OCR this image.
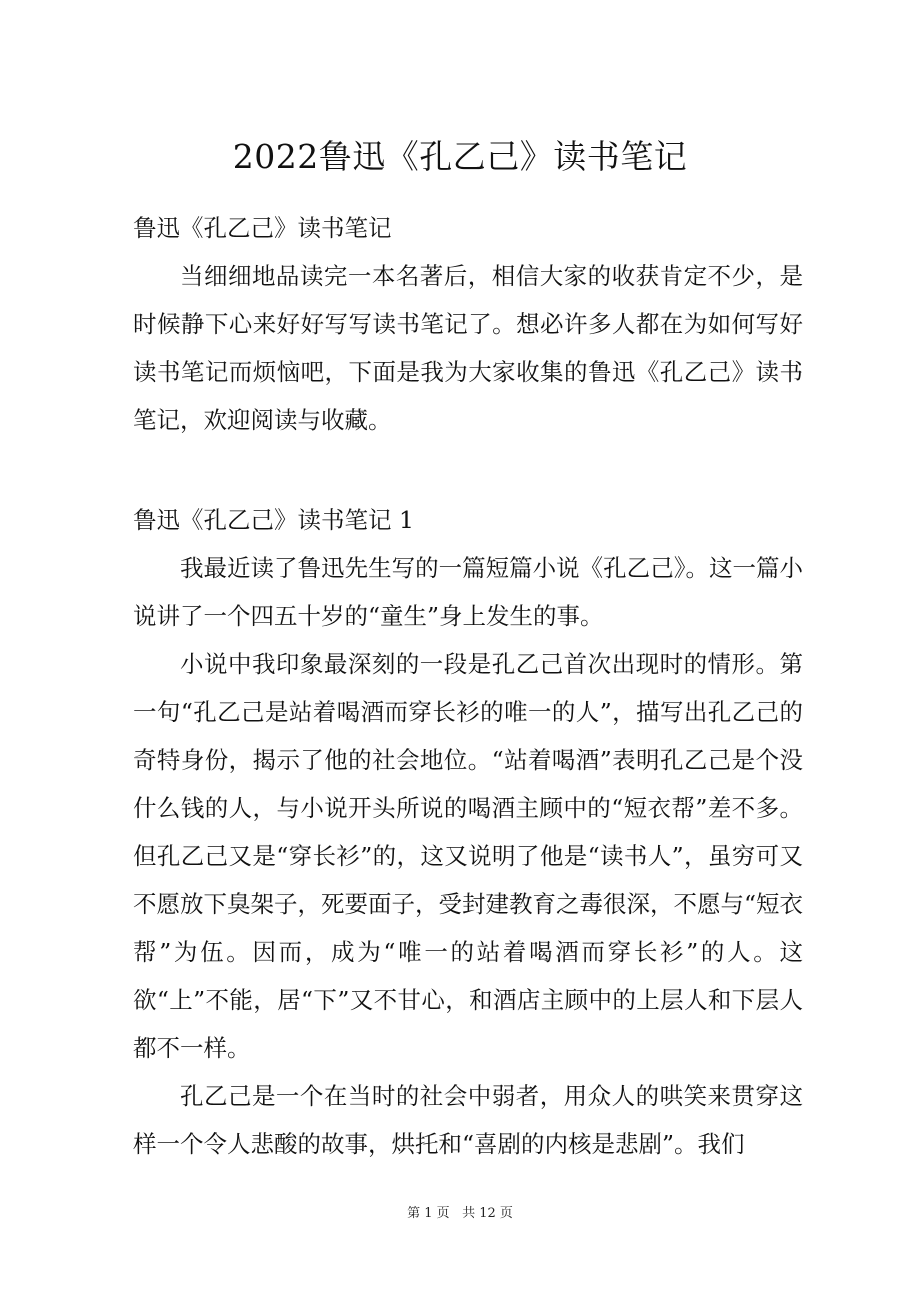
2022鲁迅《孔乙己》读书笔记

鲁迅《孔乙己》读书笔记

当细细地品读完一本名著后，相信大家的收获肯定不少，是时候静下心来好好写写读书笔记了。想必许多人都在为如何写好读书笔记而烦恼吧，下面是我为大家收集的鲁迅《孔乙己》读书笔记，欢迎阅读与收藏。

鲁迅《孔乙己》读书笔记 1

我最近读了鲁迅先生写的一篇短篇小说《孔乙己》。这一篇小说讲了一个四五十岁的“童生”身上发生的事。

小说中我印象最深刻的一段是孔乙己首次出现时的情形。第一句“孔乙己是站着喝酒而穿长衫的唯一的人”，描写出孔乙己的奇特身份，揭示了他的社会地位。“站着喝酒”表明孔乙己是个没什么钱的人，与小说开头所说的喝酒主顾中的“短衣帮”差不多。但孔乙己又是“穿长衫”的，这又说明了他是“读书人”，虽穷可又不愿放下臭架子，死要面子，受封建教育之毒很深，不愿与“短衣帮”为伍。因而，成为“唯一的站着喝酒而穿长衫”的人。这欲“上”不能，居“下”又不甘心，和酒店主顾中的上层人和下层人都不一样。

孔乙己是一个在当时的社会中弱者，用众人的哄笑来贯穿这样一个令人悲酸的故事，烘托和“喜剧的内核是悲剧”。我们

第 1 页 共 12 页
